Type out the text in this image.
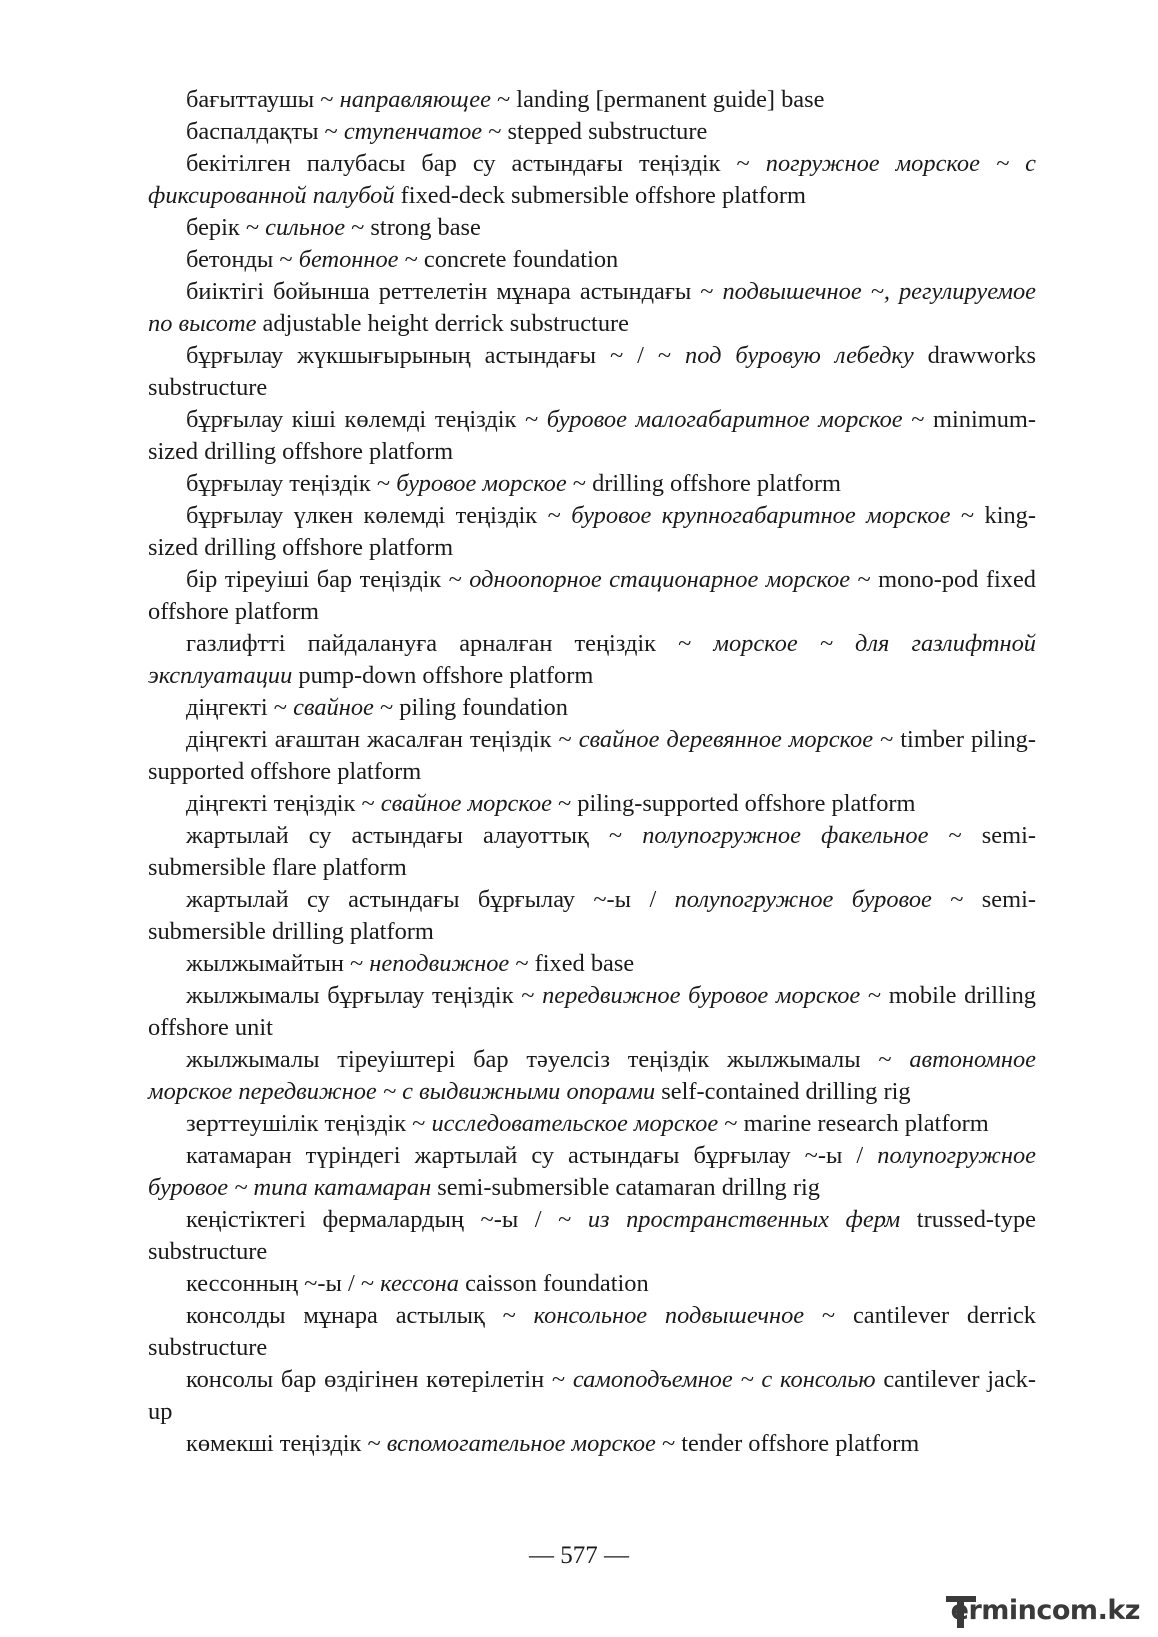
бағыттаушы ~ направляющее ~ landing [permanent guide] base

баспалдақты ~ ступенчатое ~ stepped substructure

бекітілген палубасы бар су астындағы теңіздік ~ погружное морское ~ с фиксированной палубой fixed-deck submersible offshore platform

берік ~ сильное ~ strong base

бетонды ~ бетонное ~ concrete foundation

биіктігі бойынша реттелетін мұнара астындағы ~ подвышечное ~, регулируемое по высоте adjustable height derrick substructure

бұрғылау жүкшығырының астындағы ~ / ~ под буровую лебедку drawworks substructure

бұрғылау кіші көлемді теңіздік ~ буровое малогабаритное морское ~ minimum-sized drilling offshore platform

бұрғылау теңіздік ~ буровое морское ~ drilling offshore platform

бұрғылау үлкен көлемді теңіздік ~ буровое крупногабаритное морское ~ king-sized drilling offshore platform

бір тіреуіші бар теңіздік ~ одноопорное стационарное морское ~ mono-pod fixed offshore platform

газлифтті пайдалануға арналған теңіздік ~ морское ~ для газлифтной эксплуатации pump-down offshore platform

діңгекті ~ свайное ~ piling foundation

діңгекті ағаштан жасалған теңіздік ~ свайное деревянное морское ~ timber piling-supported offshore platform

діңгекті теңіздік ~ свайное морское ~ piling-supported offshore platform

жартылай су астындағы алауоттық ~ полупогружное факельное ~ semi-submersible flare platform

жартылай су астындағы бұрғылау ~-ы / полупогружное буровое ~ semi-submersible drilling platform

жылжымайтын ~ неподвижное ~ fixed base

жылжымалы бұрғылау теңіздік ~ передвижное буровое морское ~ mobile drilling offshore unit

жылжымалы тіреуіштері бар тәуелсіз теңіздік жылжымалы ~ автономное морское передвижное ~ с выдвижными опорами self-contained drilling rig

зерттеушілік теңіздік ~ исследовательское морское ~ marine research platform

катамаран түріндегі жартылай су астындағы бұрғылау ~-ы / полупогружное буровое ~ типа катамаран semi-submersible catamaran drillng rig

кеңістіктегі фермалардың ~-ы / ~ из пространственных ферм trussed-type substructure

кессонның ~-ы / ~ кессона caisson foundation

консолды мұнара астылық ~ консольное подвышечное ~ cantilever derrick substructure

консолы бар өздігінен көтерілетін ~ самоподъемное ~ с консолью cantilever jack-up

көмекші теңіздік ~ вспомогательное морское ~ tender offshore platform

— 577 —
ermincom.kz
